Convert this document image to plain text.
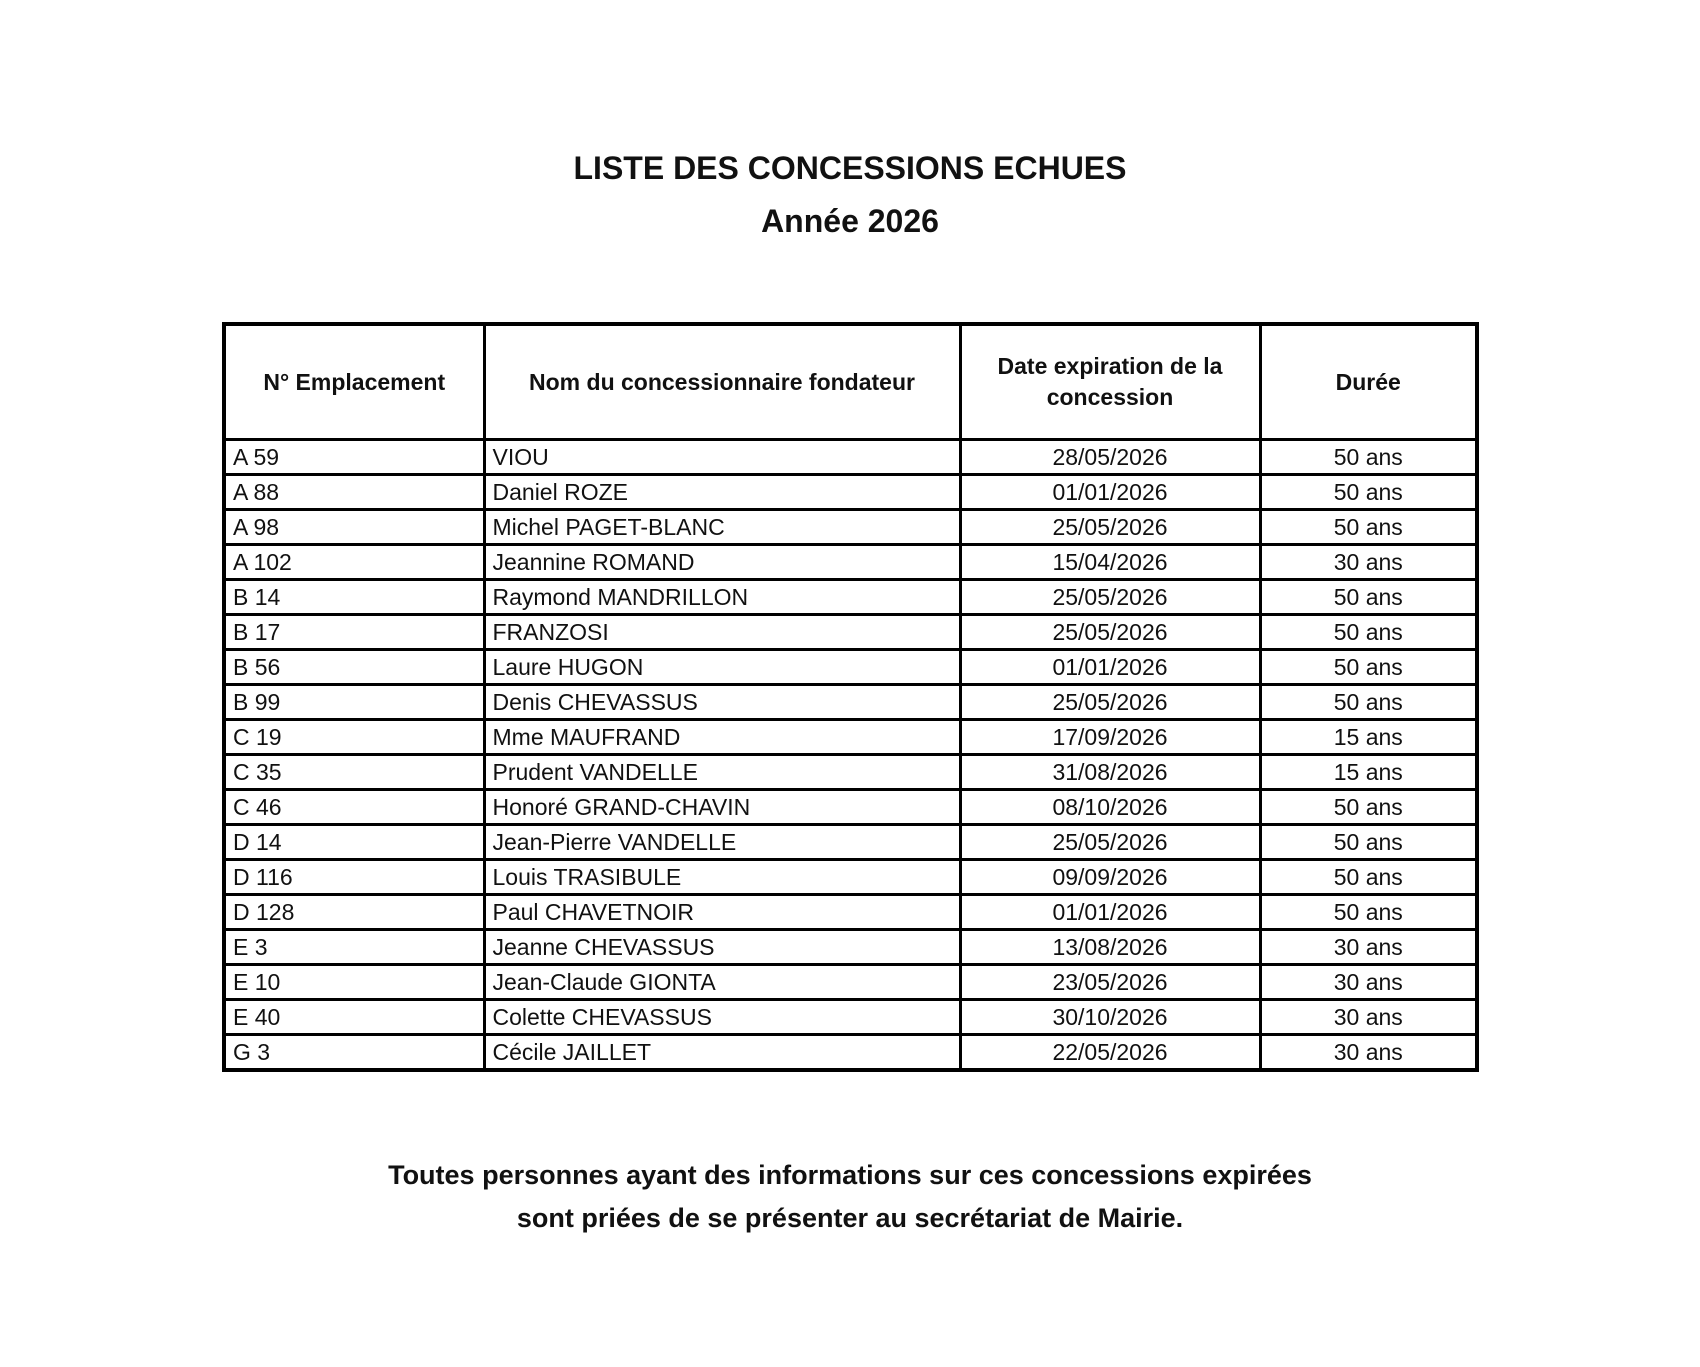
LISTE DES CONCESSIONS ECHUES
Année 2026
N° Emplacement	Nom du concessionnaire fondateur	Date expiration de la concession	Durée
A 59	VIOU	28/05/2026	50 ans
A 88	Daniel ROZE	01/01/2026	50 ans
A 98	Michel PAGET-BLANC	25/05/2026	50 ans
A 102	Jeannine ROMAND	15/04/2026	30 ans
B 14	Raymond MANDRILLON	25/05/2026	50 ans
B 17	FRANZOSI	25/05/2026	50 ans
B 56	Laure HUGON	01/01/2026	50 ans
B 99	Denis CHEVASSUS	25/05/2026	50 ans
C 19	Mme MAUFRAND	17/09/2026	15 ans
C 35	Prudent VANDELLE	31/08/2026	15 ans
C 46	Honoré GRAND-CHAVIN	08/10/2026	50 ans
D 14	Jean-Pierre VANDELLE	25/05/2026	50 ans
D 116	Louis TRASIBULE	09/09/2026	50 ans
D 128	Paul CHAVETNOIR	01/01/2026	50 ans
E 3	Jeanne CHEVASSUS	13/08/2026	30 ans
E 10	Jean-Claude GIONTA	23/05/2026	30 ans
E 40	Colette CHEVASSUS	30/10/2026	30 ans
G 3	Cécile JAILLET	22/05/2026	30 ans
Toutes personnes ayant des informations sur ces concessions expirées
sont priées de se présenter au secrétariat de Mairie.
